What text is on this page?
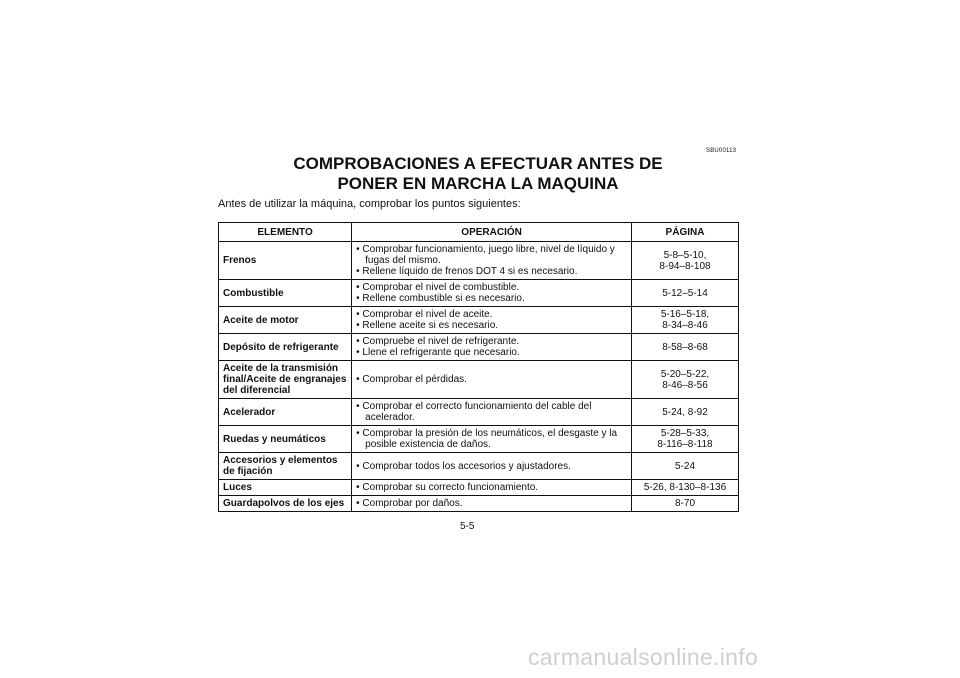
SBU00113
COMPROBACIONES A EFECTUAR ANTES DE
PONER EN MARCHA LA MAQUINA
Antes de utilizar la máquina, comprobar los puntos siguientes:
ELEMENTO	OPERACIÓN	PÁGINA
Frenos	• Comprobar funcionamiento, juego libre, nivel de líquido y fugas del mismo.
• Rellene líquido de frenos DOT 4 si es necesario.	5-8–5-10,
8-94–8-108

Combustible	• Comprobar el nivel de combustible.
• Rellene combustible si es necesario.	5-12–5-14

Aceite de motor	• Comprobar el nivel de aceite.
• Rellene aceite si es necesario.	5-16–5-18,
8-34–8-46

Depósito de refrigerante	• Compruebe el nivel de refrigerante.
• Llene el refrigerante que necesario.	8-58–8-68

Aceite de la transmisión final/Aceite de engranajes del diferencial	• Comprobar el pérdidas.	5-20–5-22,
8-46–8-56

Acelerador	• Comprobar el correcto funcionamiento del cable del acelerador.	5-24, 8-92

Ruedas y neumáticos	• Comprobar la presión de los neumáticos, el desgaste y la posible existencia de daños.	5-28–5-33,
8-116–8-118

Accesorios y elementos de fijación	• Comprobar todos los accesorios y ajustadores.	5-24

Luces	• Comprobar su correcto funcionamiento.	5-26, 8-130–8-136

Guardapolvos de los ejes	• Comprobar por daños.	8-70
5-5
carmanualsonline.info
